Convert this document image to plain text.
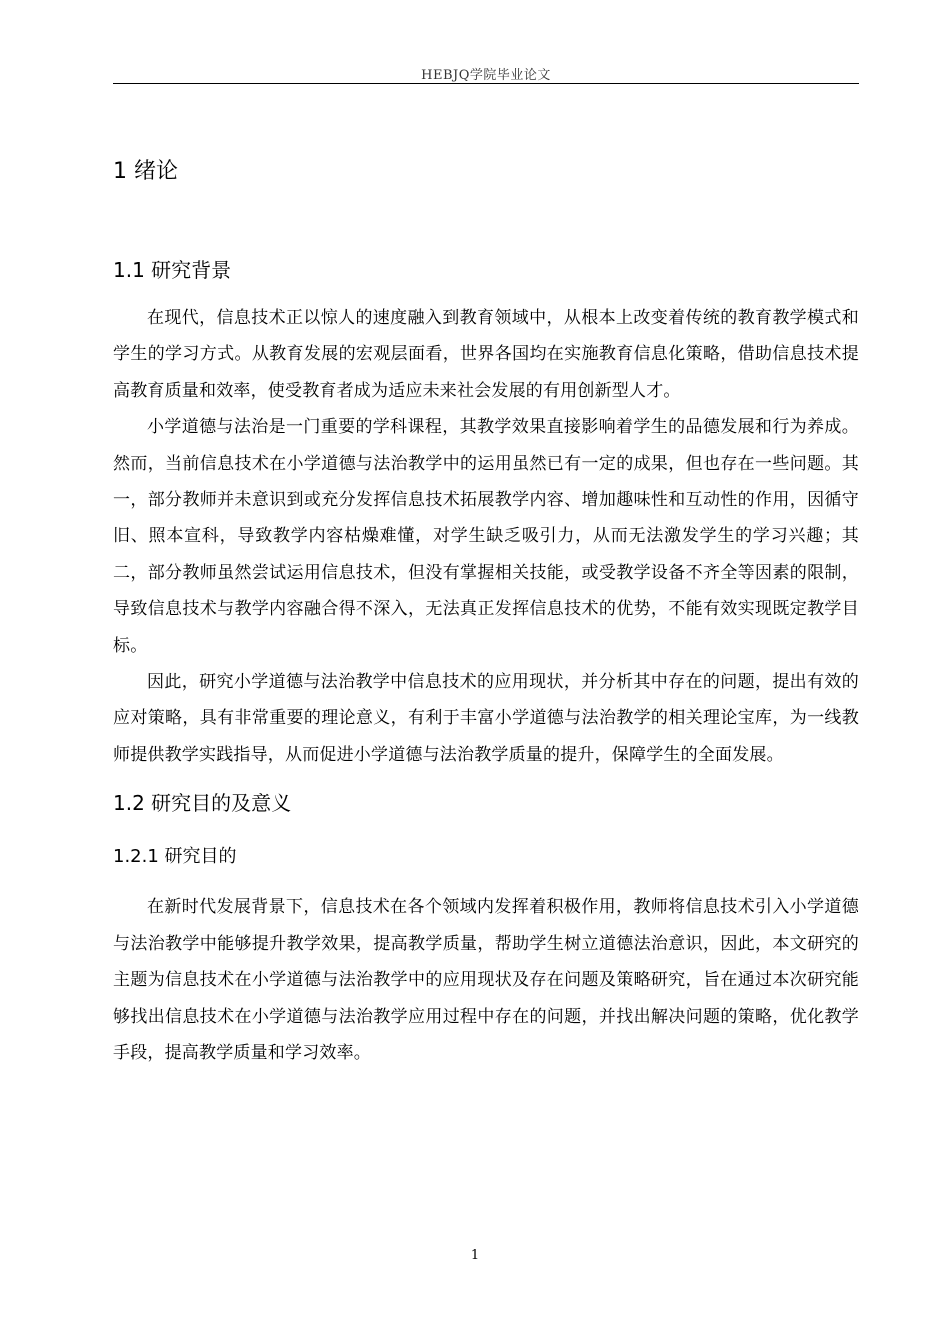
HEBJQ学院毕业论文
1 绪论
1.1 研究背景

在现代，信息技术正以惊人的速度融入到教育领域中，从根本上改变着传统的教育教学模式和学生的学习方式。从教育发展的宏观层面看，世界各国均在实施教育信息化策略，借助信息技术提高教育质量和效率，使受教育者成为适应未来社会发展的有用创新型人才。

小学道德与法治是一门重要的学科课程，其教学效果直接影响着学生的品德发展和行为养成。然而，当前信息技术在小学道德与法治教学中的运用虽然已有一定的成果，但也存在一些问题。其一，部分教师并未意识到或充分发挥信息技术拓展教学内容、增加趣味性和互动性的作用，因循守旧、照本宣科，导致教学内容枯燥难懂，对学生缺乏吸引力，从而无法激发学生的学习兴趣；其二，部分教师虽然尝试运用信息技术，但没有掌握相关技能，或受教学设备不齐全等因素的限制，导致信息技术与教学内容融合得不深入，无法真正发挥信息技术的优势，不能有效实现既定教学目标。

因此，研究小学道德与法治教学中信息技术的应用现状，并分析其中存在的问题，提出有效的应对策略，具有非常重要的理论意义，有利于丰富小学道德与法治教学的相关理论宝库，为一线教师提供教学实践指导，从而促进小学道德与法治教学质量的提升，保障学生的全面发展。

1.2 研究目的及意义
1.2.1 研究目的

在新时代发展背景下，信息技术在各个领域内发挥着积极作用，教师将信息技术引入小学道德与法治教学中能够提升教学效果，提高教学质量，帮助学生树立道德法治意识，因此，本文研究的主题为信息技术在小学道德与法治教学中的应用现状及存在问题及策略研究，旨在通过本次研究能够找出信息技术在小学道德与法治教学应用过程中存在的问题，并找出解决问题的策略，优化教学手段，提高教学质量和学习效率。

1
